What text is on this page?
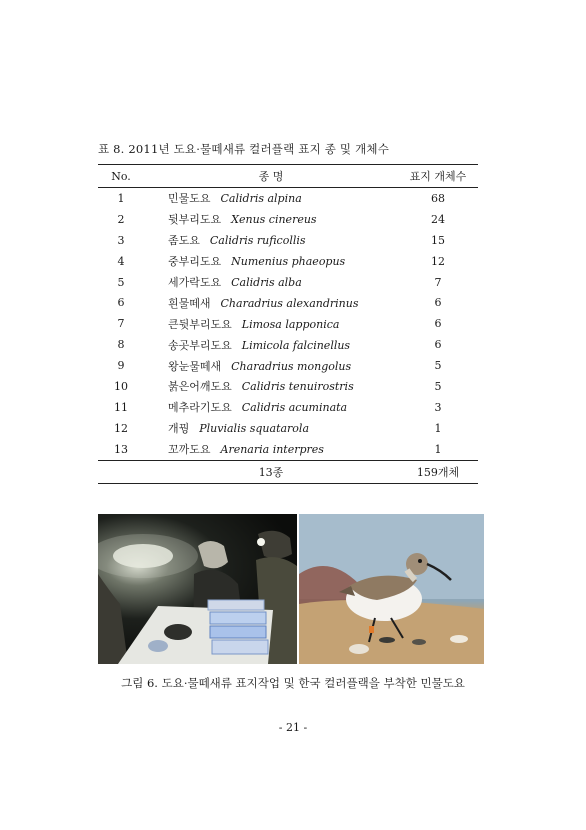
표 8. 2011년 도요·물떼새류 컬러플랙 표지 종 및 개체수
No.	종 명	표지 개체수
1	민물도요 Calidris alpina	68
2	뒷부리도요 Xenus cinereus	24
3	좀도요 Calidris ruficollis	15
4	중부리도요 Numenius phaeopus	12
5	세가락도요 Calidris alba	7
6	흰물떼새 Charadrius alexandrinus	6
7	큰뒷부리도요 Limosa lapponica	6
8	송곳부리도요 Limicola falcinellus	6
9	왕눈물떼새 Charadrius mongolus	5
10	붉은어깨도요 Calidris tenuirostris	5
11	메추라기도요 Calidris acuminata	3
12	개꿩 Pluvialis squatarola	1
13	꼬까도요 Arenaria interpres	1
	13종	159개체
그림 6. 도요·물떼새류 표지작업 및 한국 컬러플랙을 부착한 민물도요
- 21 -
